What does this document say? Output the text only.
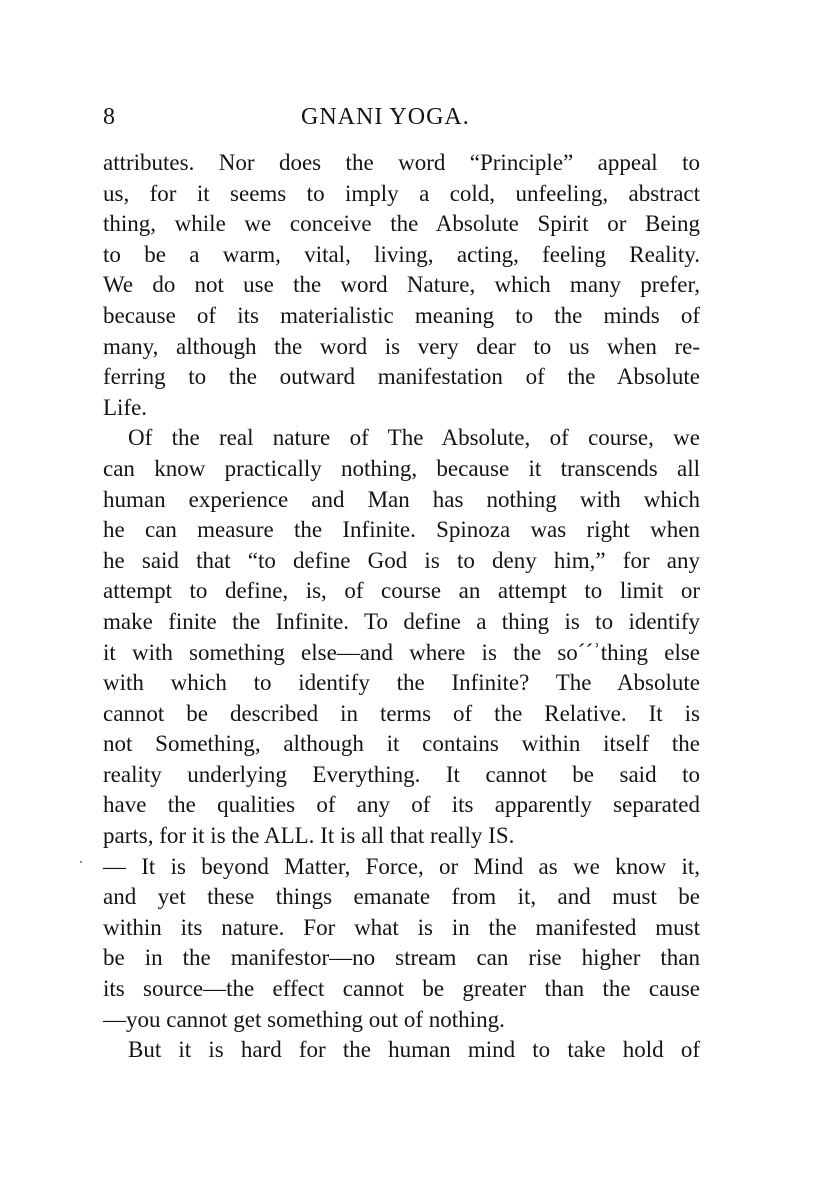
8	GNANI YOGA.
·
attributes. Nor does the word “Principle” appeal to
us, for it seems to imply a cold, unfeeling, abstract
thing, while we conceive the Absolute Spirit or Being
to be a warm, vital, living, acting, feeling Reality.
We do not use the word Nature, which many prefer,
because of its materialistic meaning to the minds of
many, although the word is very dear to us when re-
ferring to the outward manifestation of the Absolute
Life.
Of the real nature of The Absolute, of course, we
can know practically nothing, because it transcends all
human experience and Man has nothing with which
he can measure the Infinite. Spinoza was right when
he said that “to define God is to deny him,” for any
attempt to define, is, of course an attempt to limit or
make finite the Infinite. To define a thing is to identify
it with something else—and where is the so´´ʾthing else
with which to identify the Infinite? The Absolute
cannot be described in terms of the Relative. It is
not Something, although it contains within itself the
reality underlying Everything. It cannot be said to
have the qualities of any of its apparently separated
parts, for it is the ALL. It is all that really IS.
— It is beyond Matter, Force, or Mind as we know it,
and yet these things emanate from it, and must be
within its nature. For what is in the manifested must
be in the manifestor—no stream can rise higher than
its source—the effect cannot be greater than the cause
—you cannot get something out of nothing.
But it is hard for the human mind to take hold of
